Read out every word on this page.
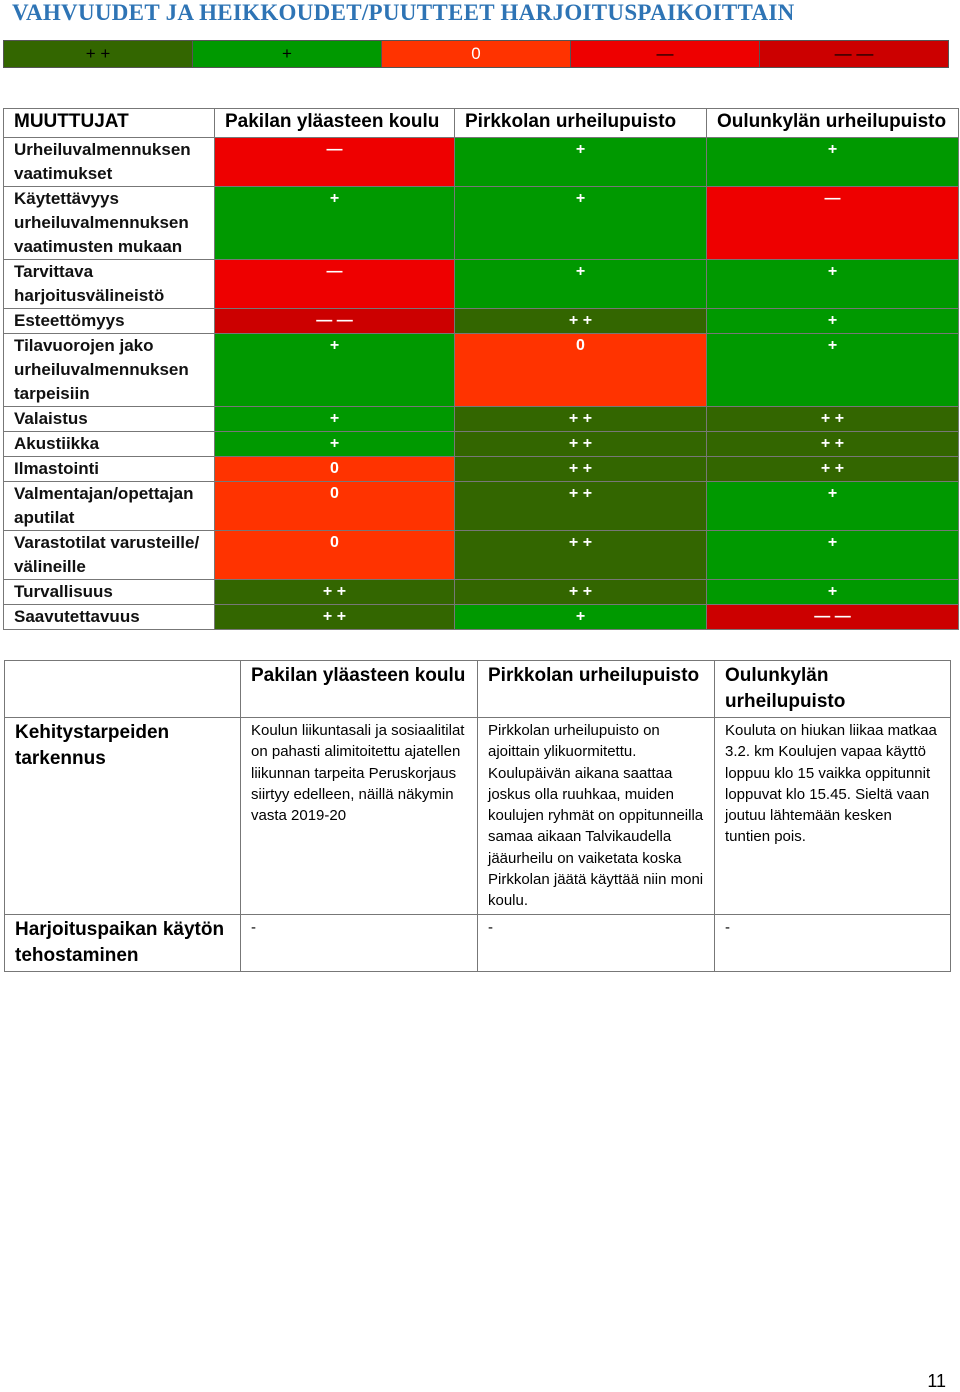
VAHVUUDET JA HEIKKOUDET/PUUTTEET HARJOITUSPAIKOITTAIN
+ +	+	0	—	— —
MUUTTUJAT	Pakilan yläasteen koulu	Pirkkolan urheilupuisto	Oulunkylän urheilupuisto
Urheiluvalmennuksen vaatimukset	—	+	+
Käytettävyys urheiluvalmennuksen vaatimusten mukaan	+	+	—
Tarvittava harjoitusvälineistö	—	+	+
Esteettömyys	— —	+ +	+
Tilavuorojen jako urheiluvalmennuksen tarpeisiin	+	0	+
Valaistus	+	+ +	+ +
Akustiikka	+	+ +	+ +
Ilmastointi	0	+ +	+ +
Valmentajan/opettajan aputilat	0	+ +	+
Varastotilat varusteille/ välineille	0	+ +	+
Turvallisuus	+ +	+ +	+
Saavutettavuus	+ +	+	— —
	Pakilan yläasteen koulu	Pirkkolan urheilupuisto	Oulunkylän urheilupuisto
Kehitystarpeiden tarkennus	Koulun liikuntasali ja sosiaalitilat on pahasti alimitoitettu ajatellen liikunnan tarpeita Peruskorjaus siirtyy edelleen, näillä näkymin vasta 2019-20	Pirkkolan urheilupuisto on ajoittain ylikuormitettu. Koulupäivän aikana saattaa joskus olla ruuhkaa, muiden koulujen ryhmät on oppitunneilla samaa aikaan Talvikaudella jääurheilu on vaiketata koska Pirkkolan jäätä käyttää niin moni koulu.	Kouluta on hiukan liikaa matkaa 3.2. km Koulujen vapaa käyttö loppuu klo 15 vaikka oppitunnit loppuvat klo 15.45. Sieltä vaan joutuu lähtemään kesken tuntien pois.
Harjoituspaikan käytön tehostaminen	-	-	-
11
